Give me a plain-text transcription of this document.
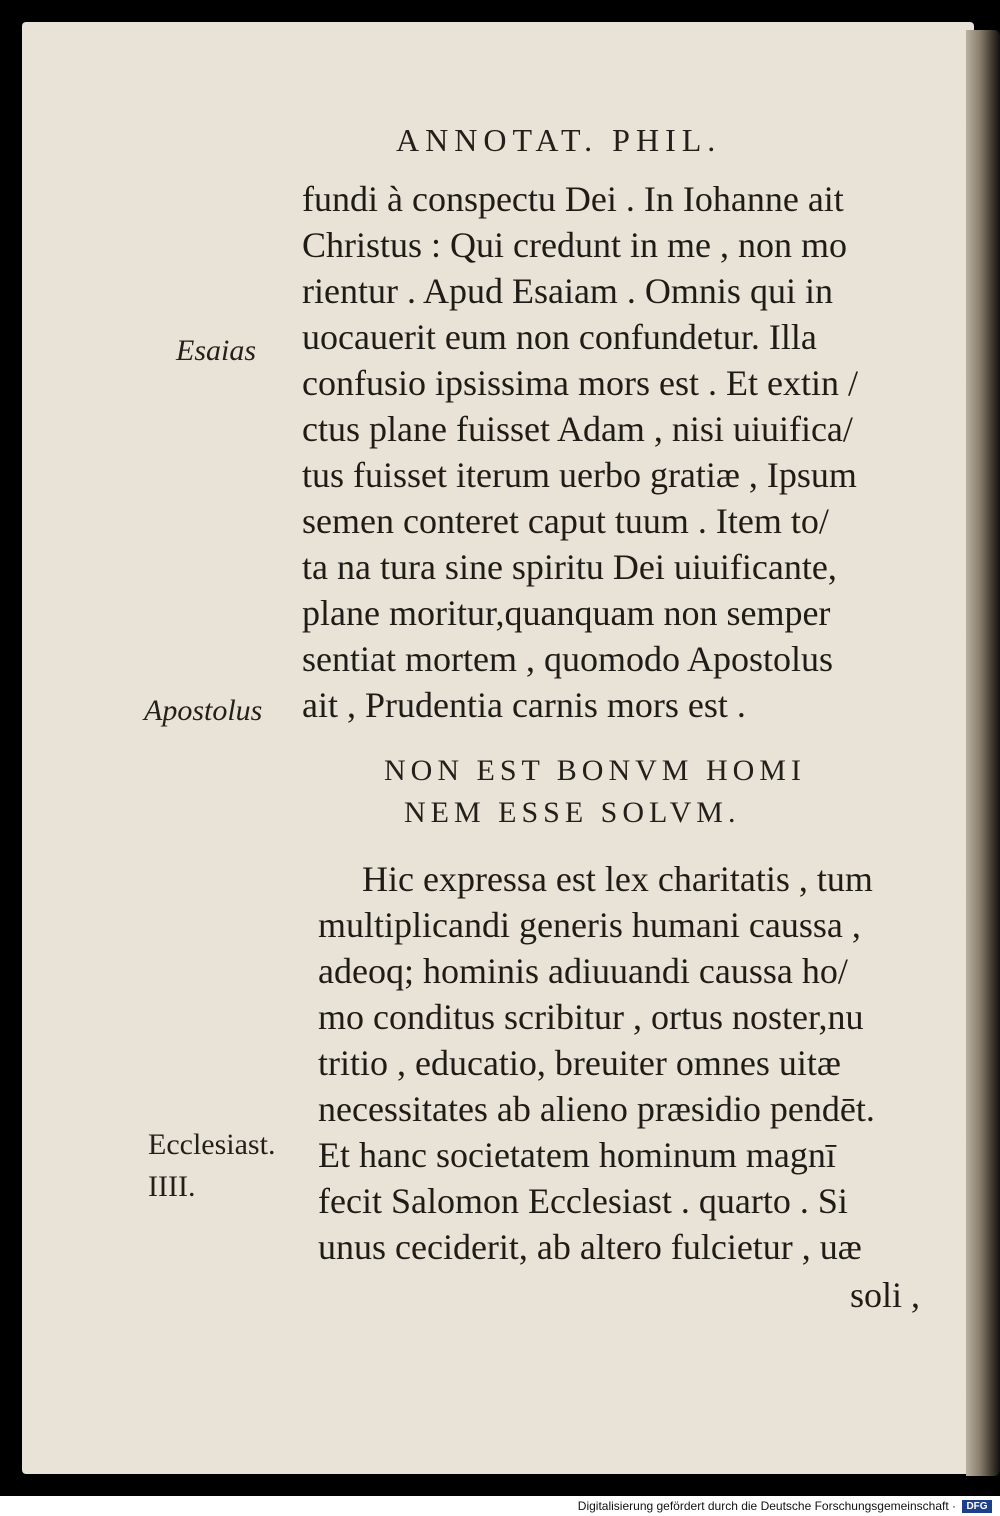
ANNOTAT. PHIL.
Esaias
Apostolus
Ecclesiast.
IIII.
fundi à conspectu Dei . In Iohanne ait
Christus : Qui credunt in me , non mo
rientur . Apud Esaiam . Omnis qui in
uocauerit eum non confundetur. Illa
confusio ipsissima mors est . Et extin /
ctus plane fuisset Adam , nisi uiuifica/
tus fuisset iterum uerbo gratiæ , Ipsum
semen conteret caput tuum . Item to/
ta na tura sine spiritu Dei uiuificante,
plane moritur,quanquam non semper
sentiat mortem , quomodo Apostolus
ait , Prudentia carnis mors est .
NON EST BONVM HOMI
NEM ESSE SOLVM.
Hic expressa est lex charitatis , tum
multiplicandi generis humani caussa ,
adeoq; hominis adiuuandi caussa ho/
mo conditus scribitur , ortus noster,nu
tritio , educatio, breuiter omnes uitæ
necessitates ab alieno præsidio pendēt.
Et hanc societatem hominum magnī
fecit Salomon Ecclesiast . quarto . Si
unus ceciderit, ab altero fulcietur , uæ
soli ,
Digitalisierung gefördert durch die Deutsche Forschungsgemeinschaft ·	DFG
